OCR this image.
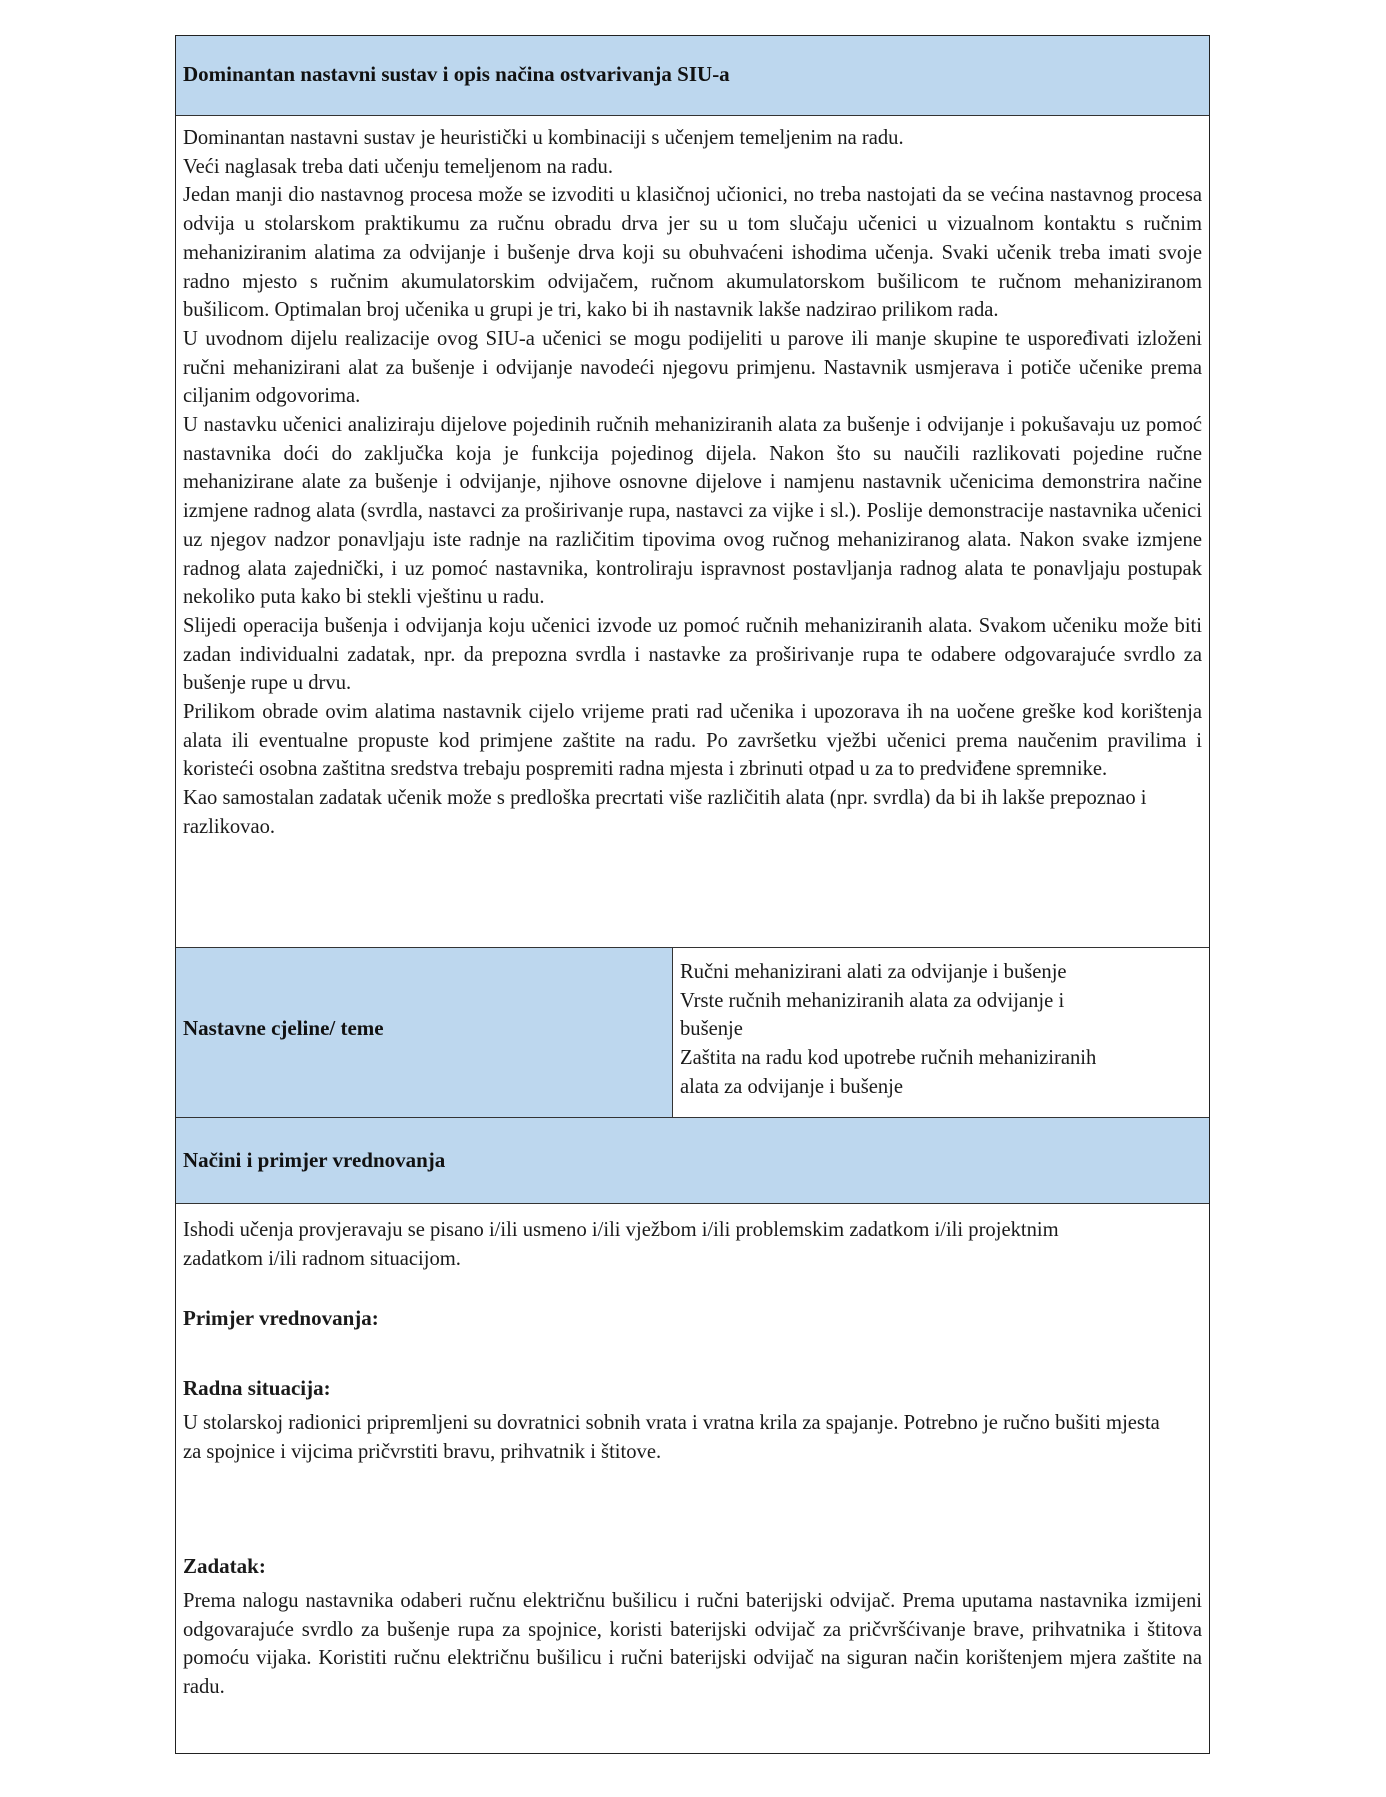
Dominantan nastavni sustav i opis načina ostvarivanja SIU-a

Dominantan nastavni sustav je heuristički u kombinaciji s učenjem temeljenim na radu.

Veći naglasak treba dati učenju temeljenom na radu.

Jedan manji dio nastavnog procesa može se izvoditi u klasičnoj učionici, no treba nastojati da se većina nastavnog procesa odvija u stolarskom praktikumu za ručnu obradu drva jer su u tom slučaju učenici u vizualnom kontaktu s ručnim mehaniziranim alatima za odvijanje i bušenje drva koji su obuhvaćeni ishodima učenja. Svaki učenik treba imati svoje radno mjesto s ručnim akumulatorskim odvijačem, ručnom akumulatorskom bušilicom te ručnom mehaniziranom bušilicom. Optimalan broj učenika u grupi je tri, kako bi ih nastavnik lakše nadzirao prilikom rada.

U uvodnom dijelu realizacije ovog SIU-a učenici se mogu podijeliti u parove ili manje skupine te uspoređivati izloženi ručni mehanizirani alat za bušenje i odvijanje navodeći njegovu primjenu. Nastavnik usmjerava i potiče učenike prema ciljanim odgovorima.

U nastavku učenici analiziraju dijelove pojedinih ručnih mehaniziranih alata za bušenje i odvijanje i pokušavaju uz pomoć nastavnika doći do zaključka koja je funkcija pojedinog dijela. Nakon što su naučili razlikovati pojedine ručne mehanizirane alate za bušenje i odvijanje, njihove osnovne dijelove i namjenu nastavnik učenicima demonstrira načine izmjene radnog alata (svrdla, nastavci za proširivanje rupa, nastavci za vijke i sl.). Poslije demonstracije nastavnika učenici uz njegov nadzor ponavljaju iste radnje na različitim tipovima ovog ručnog mehaniziranog alata. Nakon svake izmjene radnog alata zajednički, i uz pomoć nastavnika, kontroliraju ispravnost postavljanja radnog alata te ponavljaju postupak nekoliko puta kako bi stekli vještinu u radu.

Slijedi operacija bušenja i odvijanja koju učenici izvode uz pomoć ručnih mehaniziranih alata. Svakom učeniku može biti zadan individualni zadatak, npr. da prepozna svrdla i nastavke za proširivanje rupa te odabere odgovarajuće svrdlo za bušenje rupe u drvu.

Prilikom obrade ovim alatima nastavnik cijelo vrijeme prati rad učenika i upozorava ih na uočene greške kod korištenja alata ili eventualne propuste kod primjene zaštite na radu. Po završetku vježbi učenici prema naučenim pravilima i koristeći osobna zaštitna sredstva trebaju pospremiti radna mjesta i zbrinuti otpad u za to predviđene spremnike.

Kao samostalan zadatak učenik može s predloška precrtati više različitih alata (npr. svrdla) da bi ih lakše prepoznao i razlikovao.

Nastavne cjeline/ teme

Ručni mehanizirani alati za odvijanje i bušenje

Vrste ručnih mehaniziranih alata za odvijanje i bušenje

Zaštita na radu kod upotrebe ručnih mehaniziranih alata za odvijanje i bušenje

Načini i primjer vrednovanja

Ishodi učenja provjeravaju se pisano i/ili usmeno i/ili vježbom i/ili problemskim zadatkom i/ili projektnim zadatkom i/ili radnom situacijom.

Primjer vrednovanja:

Radna situacija:

U stolarskoj radionici pripremljeni su dovratnici sobnih vrata i vratna krila za spajanje. Potrebno je ručno bušiti mjesta za spojnice i vijcima pričvrstiti bravu, prihvatnik i štitove.

Zadatak:

Prema nalogu nastavnika odaberi ručnu električnu bušilicu i ručni baterijski odvijač. Prema uputama nastavnika izmijeni odgovarajuće svrdlo za bušenje rupa za spojnice, koristi baterijski odvijač za pričvršćivanje brave, prihvatnika i štitova pomoću vijaka. Koristiti ručnu električnu bušilicu i ručni baterijski odvijač na siguran način korištenjem mjera zaštite na radu.
